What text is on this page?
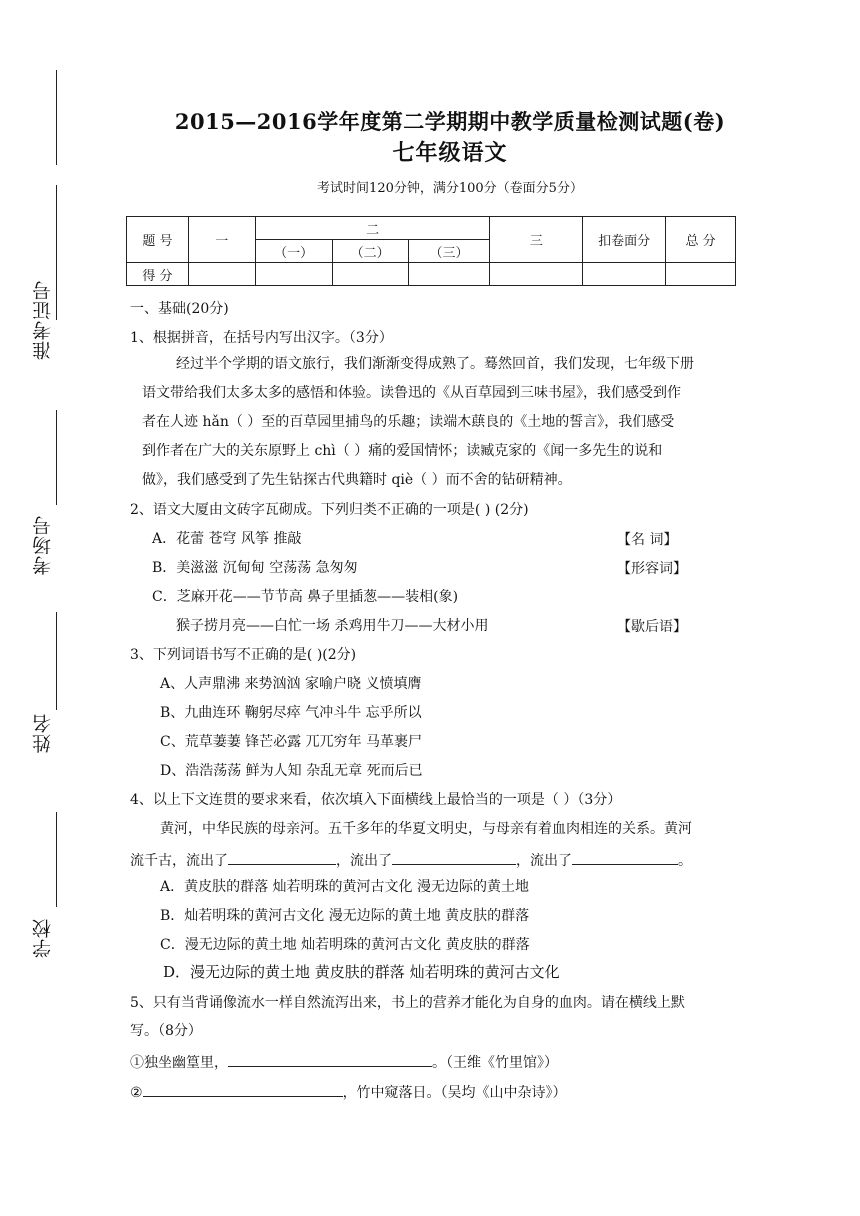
准考证号
考场号
姓名
学校
2015—2016学年度第二学期期中教学质量检测试题(卷)
七年级语文
考试时间120分钟，满分100分（卷面分5分）
题 号	一	二			三	扣卷面分	总 分
		（一）	（二）	（三）			
得 分							
一、基础(20分)
1、根据拼音，在括号内写出汉字。（3分）
经过半个学期的语文旅行，我们渐渐变得成熟了。蓦然回首，我们发现，七年级下册
语文带给我们太多太多的感悟和体验。读鲁迅的《从百草园到三味书屋》，我们感受到作
者在人迹 hǎn（ ）至的百草园里捕鸟的乐趣；读端木蕻良的《土地的誓言》，我们感受
到作者在广大的关东原野上 chì（ ）痛的爱国情怀；读臧克家的《闻一多先生的说和
做》，我们感受到了先生钻探古代典籍时 qiè（ ）而不舍的钻研精神。
2、语文大厦由文砖字瓦砌成。下列归类不正确的一项是( ) (2分)
A．花蕾 苍穹 风筝 推敲	【名 词】
B．美滋滋 沉甸甸 空荡荡 急匆匆	【形容词】
C．芝麻开花——节节高 鼻子里插葱——装相(象)
猴子捞月亮——白忙一场 杀鸡用牛刀——大材小用	【歇后语】
3、下列词语书写不正确的是( )(2分)
A、人声鼎沸 来势汹汹 家喻户晓 义愤填膺
B、九曲连环 鞠躬尽瘁 气冲斗牛 忘乎所以
C、荒草萋萋 锋芒必露 兀兀穷年 马革裹尸
D、浩浩荡荡 鲜为人知 杂乱无章 死而后已
4、以上下文连贯的要求来看，依次填入下面横线上最恰当的一项是（ ）（3分）
黄河，中华民族的母亲河。五千多年的华夏文明史，与母亲有着血肉相连的关系。黄河
流千古，流出了	，流出了	，流出了	。
A．黄皮肤的群落 灿若明珠的黄河古文化 漫无边际的黄土地
B．灿若明珠的黄河古文化 漫无边际的黄土地 黄皮肤的群落
C．漫无边际的黄土地 灿若明珠的黄河古文化 黄皮肤的群落
D．漫无边际的黄土地 黄皮肤的群落 灿若明珠的黄河古文化
5、只有当背诵像流水一样自然流泻出来，书上的营养才能化为自身的血肉。请在横线上默
写。（8分）
①独坐幽篁里，	。（王维《竹里馆》）
②	，竹中窥落日。（吴均《山中杂诗》）
